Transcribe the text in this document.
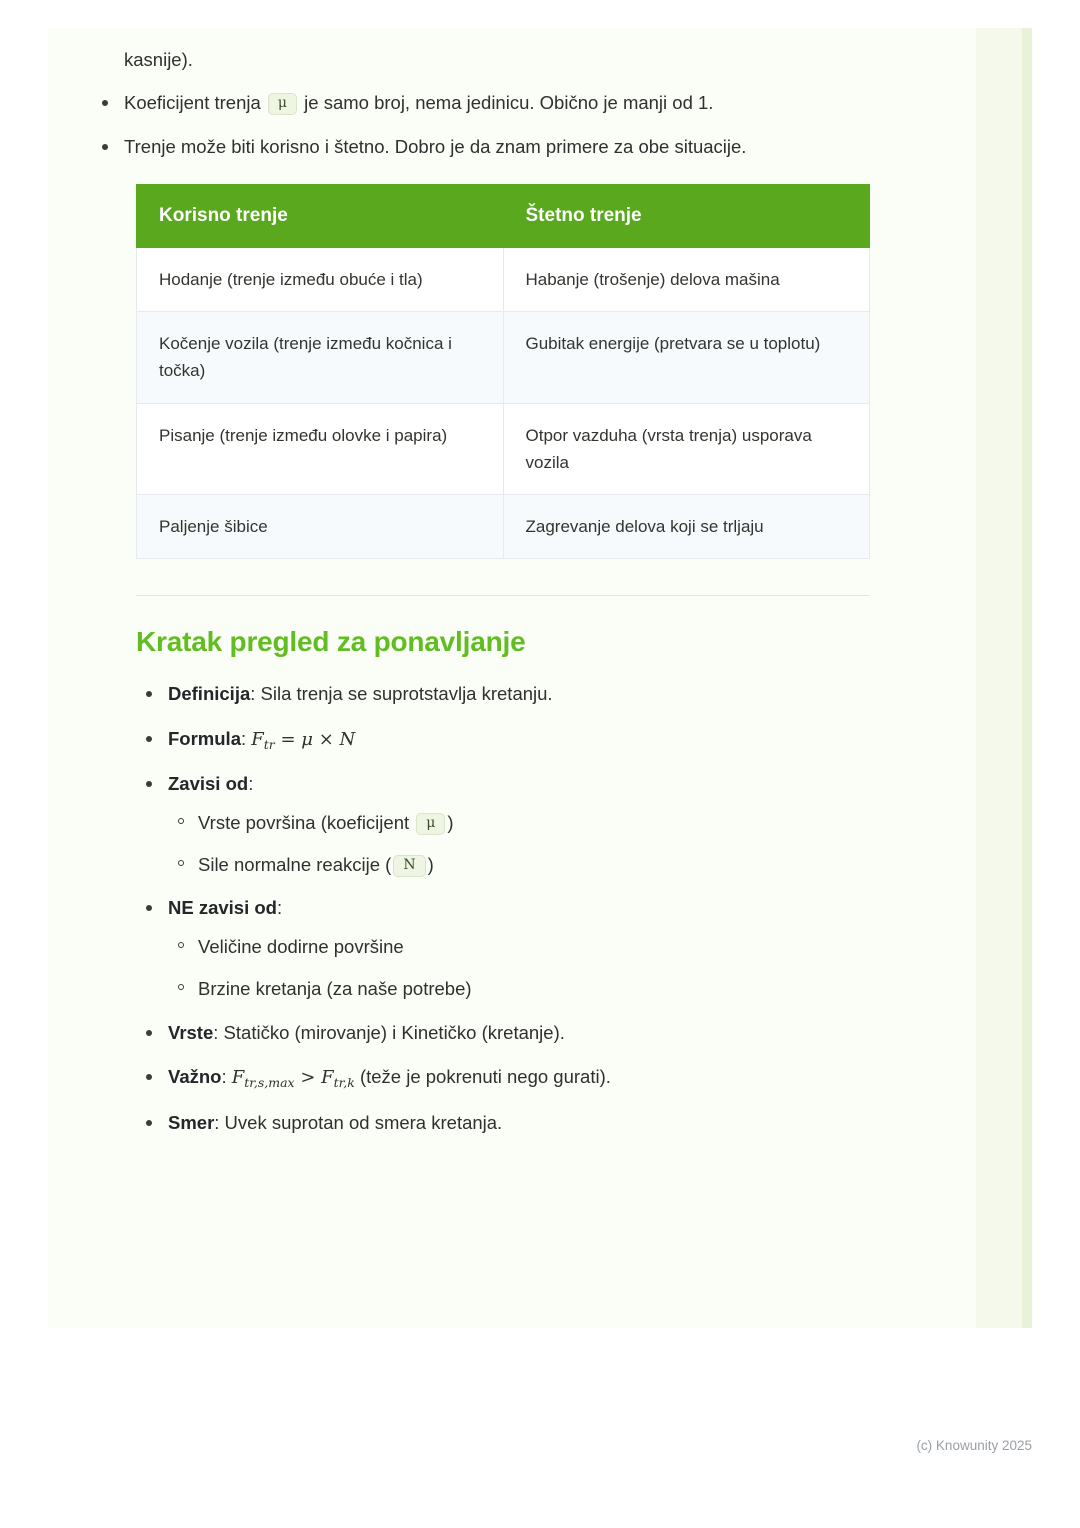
kasnije).
Koeficijent trenja μ je samo broj, nema jedinicu. Obično je manji od 1.
Trenje može biti korisno i štetno. Dobro je da znam primere za obe situacije.
Korisno trenje	Štetno trenje
Hodanje (trenje između obuće i tla)	Habanje (trošenje) delova mašina
Kočenje vozila (trenje između kočnica i točka)	Gubitak energije (pretvara se u toplotu)
Pisanje (trenje između olovke i papira)	Otpor vazduha (vrsta trenja) usporava vozila
Paljenje šibice	Zagrevanje delova koji se trljaju
Kratak pregled za ponavljanje
Definicija: Sila trenja se suprotstavlja kretanju.
Formula: $F_{tr} = \mu \times N$
Zavisi od:
Vrste površina (koeficijent μ )
Sile normalne reakcije ( N )
NE zavisi od:
Veličine dodirne površine
Brzine kretanja (za naše potrebe)
Vrste: Statičko (mirovanje) i Kinetičko (kretanje).
Važno: $F_{tr,s,max} > F_{tr,k}$ (teže je pokrenuti nego gurati).
Smer: Uvek suprotan od smera kretanja.
(c) Knowunity 2025
